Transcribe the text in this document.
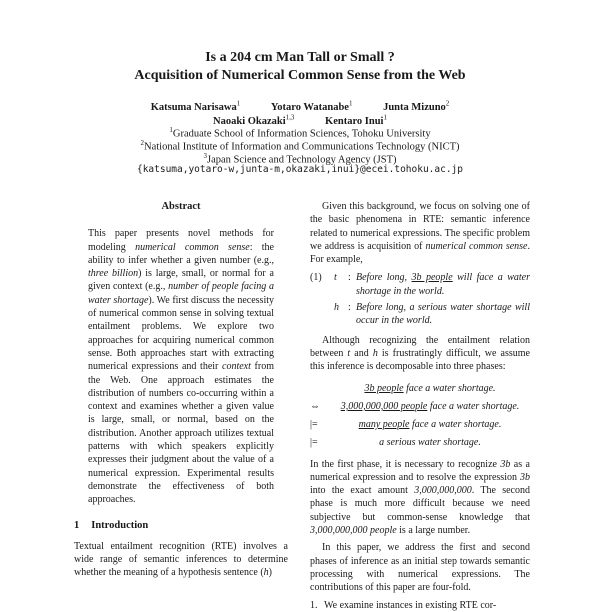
Is a 204 cm Man Tall or Small ?
Acquisition of Numerical Common Sense from the Web
Katsuma Narisawa$^1$	Yotaro Watanabe$^1$	Junta Mizuno$^2$
Naoaki Okazaki$^{1,3}$	Kentaro Inui$^1$
$^1$Graduate School of Information Sciences, Tohoku University
$^2$National Institute of Information and Communications Technology (NICT)
$^3$Japan Science and Technology Agency (JST)
{katsuma,yotaro-w,junta-m,okazaki,inui}@ecei.tohoku.ac.jp
Abstract

This paper presents novel methods for modeling numerical common sense: the ability to infer whether a given number (e.g., three billion) is large, small, or normal for a given context (e.g., number of people facing a water shortage). We first discuss the necessity of numerical common sense in solving textual entailment problems. We explore two approaches for acquiring numerical common sense. Both approaches start with extracting numerical expressions and their context from the Web. One approach estimates the distribution of numbers co-occurring within a context and examines whether a given value is large, small, or normal, based on the distribution. Another approach utilizes textual patterns with which speakers explicitly expresses their judgment about the value of a numerical expression. Experimental results demonstrate the effectiveness of both approaches.

1 Introduction

Textual entailment recognition (RTE) involves a wide range of semantic inferences to determine whether the meaning of a hypothesis sentence (h)

Given this background, we focus on solving one of the basic phenomena in RTE: semantic inference related to numerical expressions. The specific problem we address is acquisition of numerical common sense. For example,

(1)	t	: Before long, 3b people will face a water shortage in the world.
h : Before long, a serious water shortage will occur in the world.

Although recognizing the entailment relation between t and h is frustratingly difficult, we assume this inference is decomposable into three phases:

3b people face a water shortage.
⇔	3,000,000,000 people face a water shortage.
|=	many people face a water shortage.
|=	a serious water shortage.

In the first phase, it is necessary to recognize 3b as a numerical expression and to resolve the expression 3b into the exact amount 3,000,000,000. The second phase is much more difficult because we need subjective but common-sense knowledge that 3,000,000,000 people is a large number.

In this paper, we address the first and second phases of inference as an initial step towards semantic processing with numerical expressions. The contributions of this paper are four-fold.

1. We examine instances in existing RTE cor-
